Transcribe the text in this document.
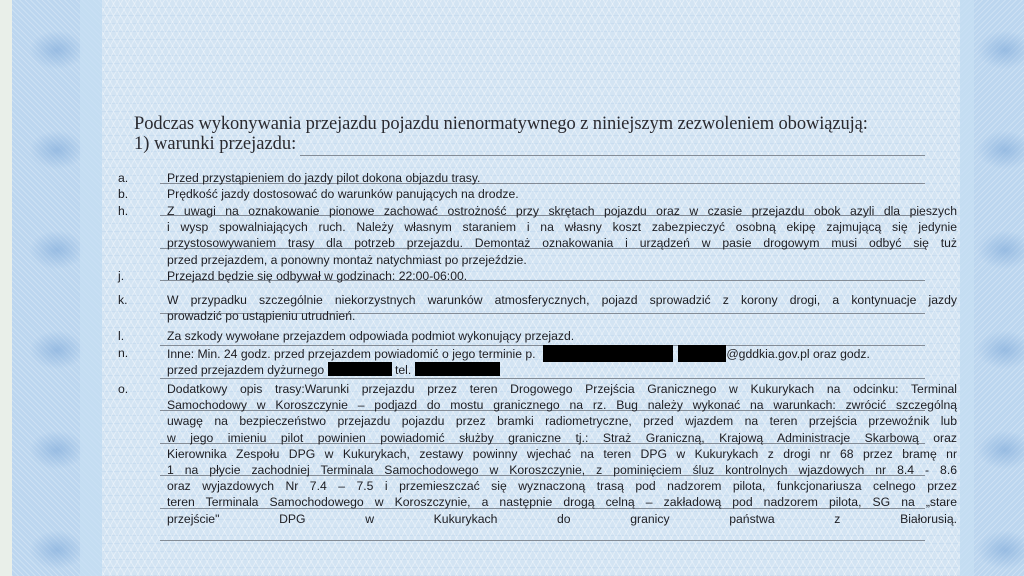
Podczas wykonywania przejazdu pojazdu nienormatywnego z niniejszym zezwoleniem obowiązują:
1) warunki przejazdu:
a.	Przed przystąpieniem do jazdy pilot dokona objazdu trasy.
b.	Prędkość jazdy dostosować do warunków panujących na drodze.
h.	Z uwagi na oznakowanie pionowe zachować ostrożność przy skrętach pojazdu oraz w czasie przejazdu obok azyli dla pieszych
i wysp spowalniających ruch. Należy własnym staraniem i na własny koszt zabezpieczyć osobną ekipę zajmującą się jedynie
przystosowywaniem trasy dla potrzeb przejazdu. Demontaż oznakowania i urządzeń w pasie drogowym musi odbyć się tuż
przed przejazdem, a ponowny montaż natychmiast po przejeździe.
j.	Przejazd będzie się odbywał w godzinach: 22:00-06:00.
k.	W przypadku szczególnie niekorzystnych warunków atmosferycznych, pojazd sprowadzić z korony drogi, a kontynuacje jazdy
prowadzić po ustąpieniu utrudnień.
l.	Za szkody wywołane przejazdem odpowiada podmiot wykonujący przejazd.
n.	Inne: Min. 24 godz. przed przejazdem powiadomić o jego terminie p.	@gddkia.gov.pl oraz godz.
przed przejazdem dyżurnego	tel.
o.	Dodatkowy opis trasy:Warunki przejazdu przez teren Drogowego Przejścia Granicznego w Kukurykach na odcinku: Terminal
Samochodowy w Koroszczynie – podjazd do mostu granicznego na rz. Bug należy wykonać na warunkach: zwrócić szczególną
uwagę na bezpieczeństwo przejazdu pojazdu przez bramki radiometryczne, przed wjazdem na teren przejścia przewoźnik lub
w jego imieniu pilot powinien powiadomić służby graniczne tj.: Straż Graniczną, Krajową Administracje Skarbową oraz
Kierownika Zespołu DPG w Kukurykach, zestawy powinny wjechać na teren DPG w Kukurykach z drogi nr 68 przez bramę nr
1 na płycie zachodniej Terminala Samochodowego w Koroszczynie, z pominięciem śluz kontrolnych wjazdowych nr 8.4 - 8.6
oraz wyjazdowych Nr 7.4 – 7.5 i przemieszczać się wyznaczoną trasą pod nadzorem pilota, funkcjonariusza celnego przez
teren Terminala Samochodowego w Koroszczynie, a następnie drogą celną – zakładową pod nadzorem pilota, SG na „stare
przejście" DPG w Kukurykach do granicy państwa z Białorusią.
